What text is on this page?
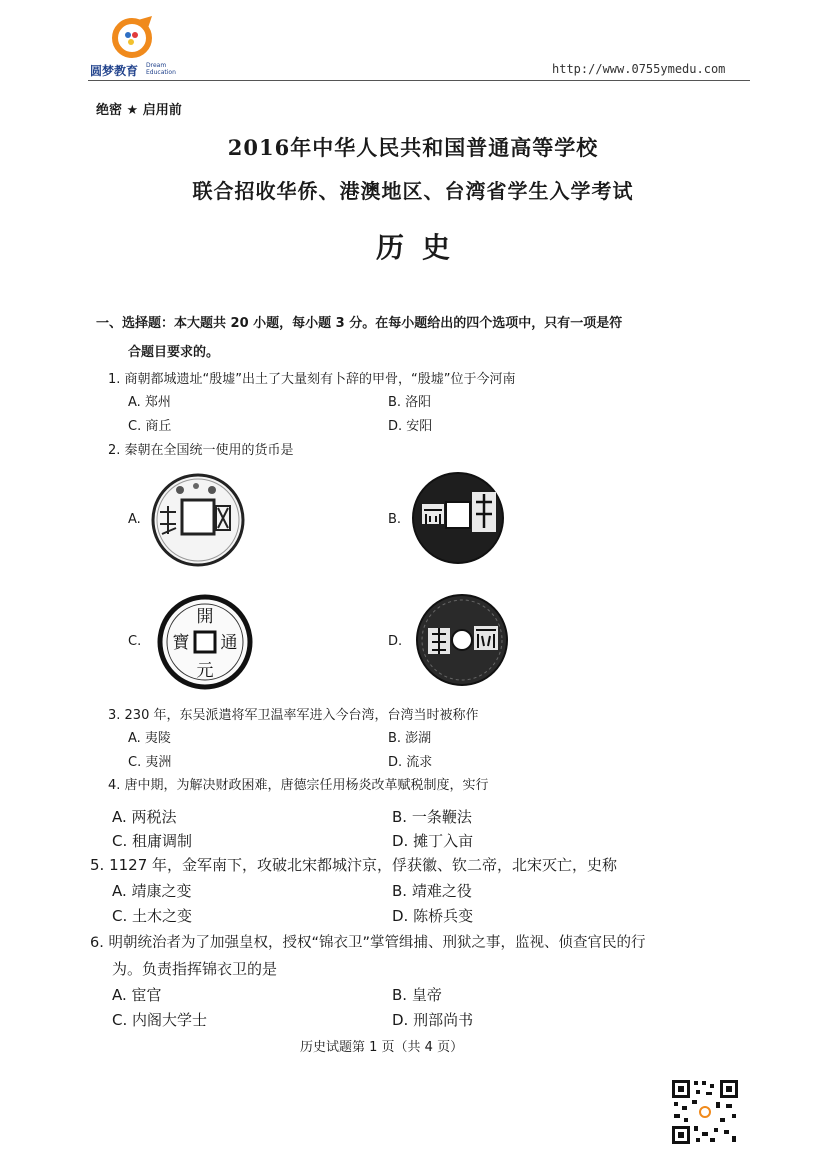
圆梦教育 Dream
Education	http://www.0755ymedu.com
绝密 ★ 启用前
2016年中华人民共和国普通高等学校
联合招收华侨、港澳地区、台湾省学生入学考试
历史
一、选择题：本大题共 20 小题，每小题 3 分。在每小题给出的四个选项中，只有一项是符
合题目要求的。
1. 商朝都城遗址“殷墟”出土了大量刻有卜辞的甲骨，“殷墟”位于今河南
A. 郑州	B. 洛阳
C. 商丘	D. 安阳
2. 秦朝在全国统一使用的货币是
A.	B.
C.	D.
開
通
元
寶
3. 230 年，东吴派遣将军卫温率军进入今台湾，台湾当时被称作
A. 夷陵	B. 澎湖
C. 夷洲	D. 流求
4. 唐中期，为解决财政困难，唐德宗任用杨炎改革赋税制度，实行
A. 两税法	B. 一条鞭法
C. 租庸调制	D. 摊丁入亩
5. 1127 年，金军南下，攻破北宋都城汴京，俘获徽、钦二帝，北宋灭亡，史称
A. 靖康之变	B. 靖难之役
C. 土木之变	D. 陈桥兵变
6. 明朝统治者为了加强皇权，授权“锦衣卫”掌管缉捕、刑狱之事，监视、侦查官民的行
为。负责指挥锦衣卫的是
A. 宦官	B. 皇帝
C. 内阁大学士	D. 刑部尚书
历史试题第 1 页（共 4 页）
